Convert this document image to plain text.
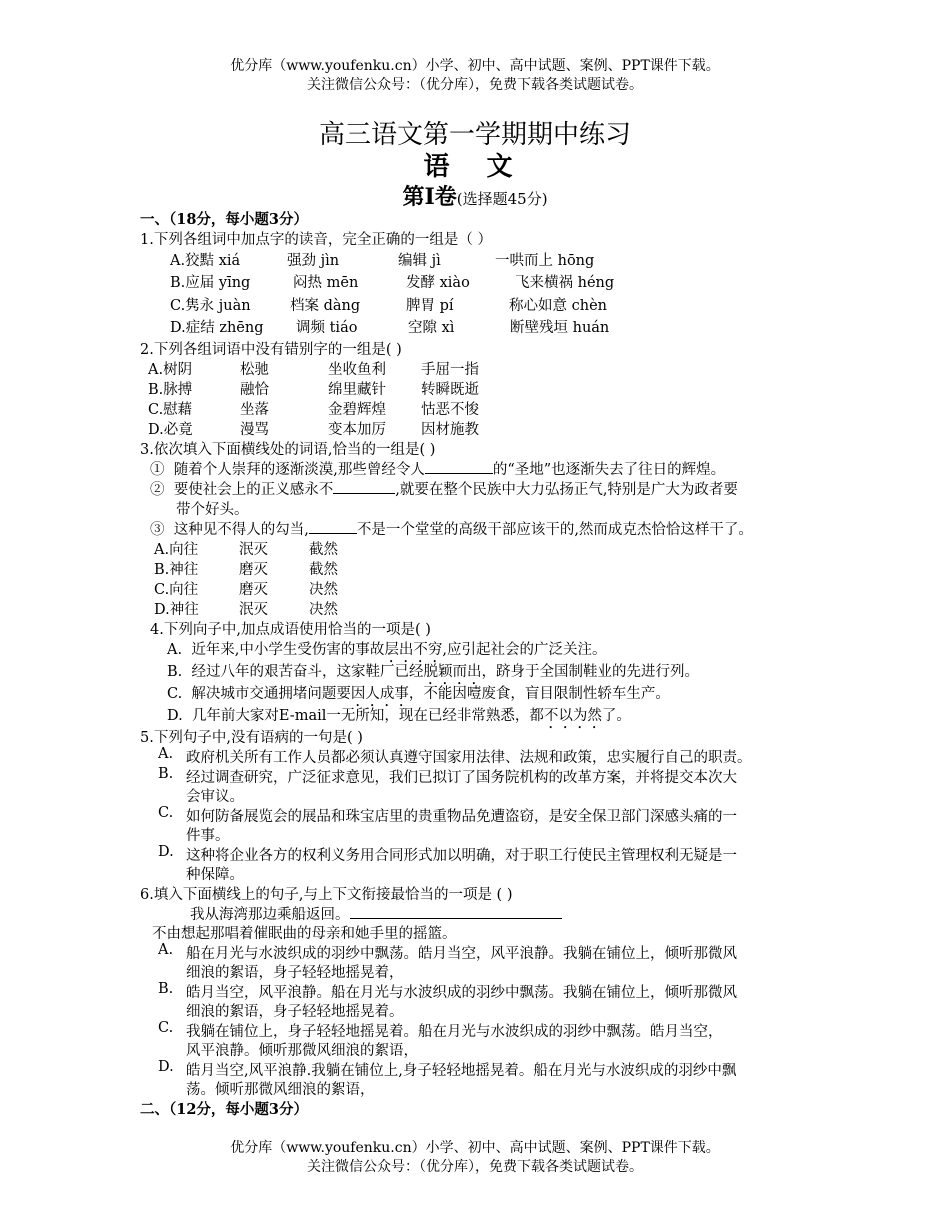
优分库（www.youfenku.cn）小学、初中、高中试题、案例、PPT课件下载。
关注微信公众号：（优分库），免费下载各类试题试卷。
高三语文第一学期期中练习
语 文
第Ⅰ卷(选择题45分)
一、（18分，每小题3分）
1.下列各组词中加点字的读音，完全正确的一组是（ ）
A.狡黠 xiá	强劲 jìn	编辑 jì	一哄而上 hōng
B.应届 yīng	闷热 mēn	发酵 xiào	飞来横祸 héng
C.隽永 juàn	档案 dàng	脾胃 pí	称心如意 chèn
D.症结 zhēng 调频 tiáo	空隙 xì	断壁残垣 huán
2.下列各组词语中没有错别字的一组是( )
A.树阴	松驰	坐收鱼利 手屈一指
B.脉搏	融恰	绵里藏针 转瞬既逝
C.慰藉	坐落	金碧辉煌 怙恶不悛
D.必竟	漫骂	变本加厉 因材施教
3.依次填入下面横线处的词语,恰当的一组是( )
① 随着个人崇拜的逐渐淡漠,那些曾经令人	的“圣地”也逐渐失去了往日的辉煌。
② 要使社会上的正义感永不	,就要在整个民族中大力弘扬正气,特别是广大为政者要
带个好头。
③ 这种见不得人的勾当,	不是一个堂堂的高级干部应该干的,然而成克杰恰恰这样干了。
A.向往	泯灭	截然
B.神往	磨灭	截然
C.向往	磨灭	决然
D.神往	泯灭	决然
4.下列向子中,加点成语使用恰当的一项是( )
A. 近年来,中小学生受伤害的事故层出不穷,应引起社会的广泛关注。
B. 经过八年的艰苦奋斗，这家鞋厂已经脱颖而出，跻身于全国制鞋业的先进行列。
C. 解决城市交通拥堵问题要因人成事，不能因噎废食，盲目限制性轿车生产。
D. 几年前大家对E-mail一无所知，现在已经非常熟悉，都不以为然了。
5.下列句子中,没有语病的一句是( )
A. 政府机关所有工作人员都必须认真遵守国家用法律、法规和政策，忠实履行自己的职责。
B. 经过调查研究，广泛征求意见，我们已拟订了国务院机构的改革方案，并将提交本次大
会审议。
C. 如何防备展览会的展品和珠宝店里的贵重物品免遭盗窃，是安全保卫部门深感头痛的一
件事。
D. 这种将企业各方的权利义务用合同形式加以明确，对于职工行使民主管理权利无疑是一
种保障。
6.填入下面横线上的句子,与上下文衔接最恰当的一项是 ( )
我从海湾那边乘船返回。
不由想起那唱着催眠曲的母亲和她手里的摇篮。
A. 船在月光与水波织成的羽纱中飘荡。皓月当空，风平浪静。我躺在铺位上，倾听那微风
细浪的絮语，身子轻轻地摇晃着，
B. 皓月当空，风平浪静。船在月光与水波织成的羽纱中飘荡。我躺在铺位上，倾听那微风
细浪的絮语，身子轻轻地摇晃着。
C. 我躺在铺位上，身子轻轻地摇晃着。船在月光与水波织成的羽纱中飘荡。皓月当空，
风平浪静。倾听那微风细浪的絮语，
D. 皓月当空,风平浪静.我躺在铺位上,身子轻轻地摇晃着。船在月光与水波织成的羽纱中飘
荡。倾听那微风细浪的絮语，
二、（12分，每小题3分）
优分库（www.youfenku.cn）小学、初中、高中试题、案例、PPT课件下载。
关注微信公众号：（优分库），免费下载各类试题试卷。
